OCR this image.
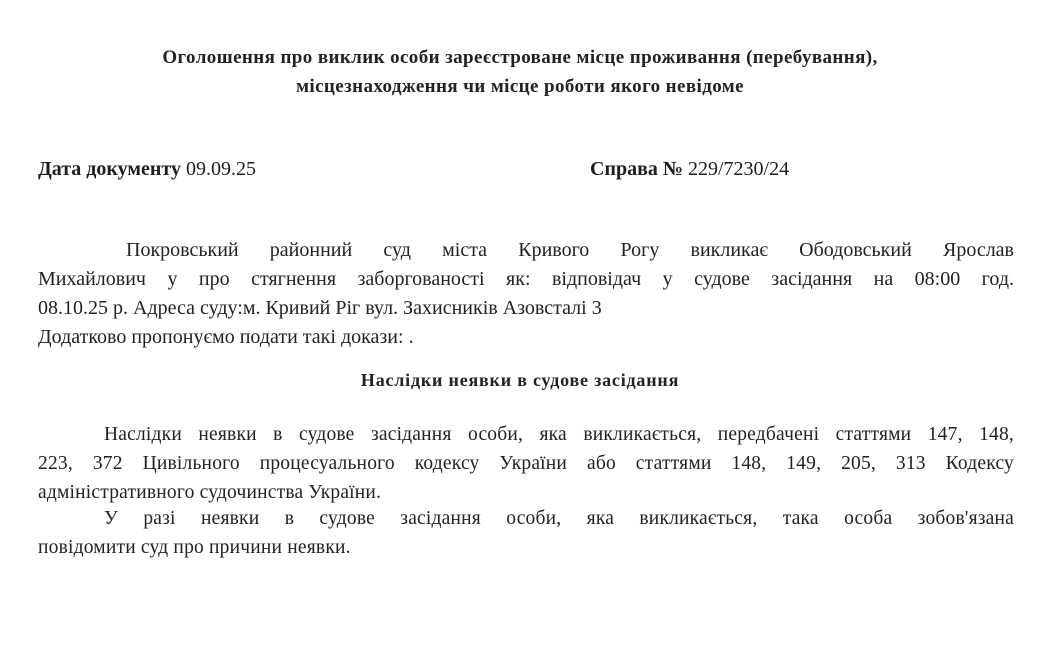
Оголошення про виклик особи зареєстроване місце проживання (перебування),
місцезнаходження чи місце роботи якого невідоме
Дата документу 09.09.25	Справа № 229/7230/24
Покровський районний суд міста Кривого Рогу викликає Ободовський Ярослав
Михайлович у про стягнення заборгованості як: відповідач у судове засідання на 08:00 год.
08.10.25 р. Адреса суду:м. Кривий Ріг вул. Захисників Азовсталі 3
Додатково пропонуємо подати такі докази: .
Наслідки неявки в судове засідання
Наслідки неявки в судове засідання особи, яка викликається, передбачені статтями 147, 148,
223, 372 Цивільного процесуального кодексу України або статтями 148, 149, 205, 313 Кодексу
адміністративного судочинства України.
У разі неявки в судове засідання особи, яка викликається, така особа зобов'язана
повідомити суд про причини неявки.
